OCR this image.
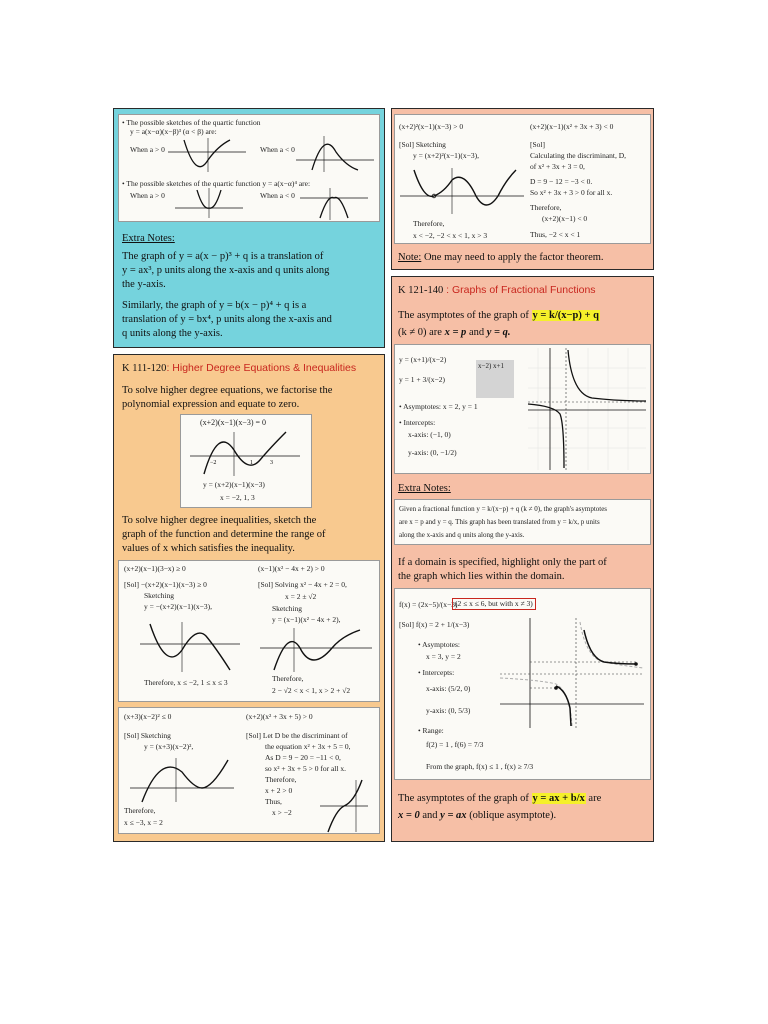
• The possible sketches of the quartic function
y = a(x−α)(x−β)³ (α < β) are:
When a > 0	When a < 0
• The possible sketches of the quartic function y = a(x−α)⁴ are:
When a > 0	When a < 0
Extra Notes:
The graph of y = a(x − p)³ + q is a translation of
y = ax³, p units along the x-axis and q units along
the y-axis.
Similarly, the graph of y = b(x − p)⁴ + q is a
translation of y = bx⁴, p units along the x-axis and
q units along the y-axis.
K 111-120: Higher Degree Equations & Inequalities
To solve higher degree equations, we factorise the
polynomial expression and equate to zero.
(x+2)(x−1)(x−3) = 0
−2	1	3
y = (x+2)(x−1)(x−3)
x = −2, 1, 3
To solve higher degree inequalities, sketch the
graph of the function and determine the range of
values of x which satisfies the inequality.
(x+2)(x−1)(3−x) ≥ 0
[Sol] −(x+2)(x−1)(x−3) ≥ 0
Sketching
y = −(x+2)(x−1)(x−3),
Therefore, x ≤ −2, 1 ≤ x ≤ 3
(x−1)(x² − 4x + 2) > 0
[Sol] Solving x² − 4x + 2 = 0,
x = 2 ± √2
Sketching
y = (x−1)(x² − 4x + 2),
Therefore,
2 − √2 < x < 1, x > 2 + √2
(x+3)(x−2)² ≤ 0
[Sol] Sketching
y = (x+3)(x−2)²,
Therefore,
x ≤ −3, x = 2
(x+2)(x² + 3x + 5) > 0
[Sol] Let D be the discriminant of
the equation x² + 3x + 5 = 0,
As D = 9 − 20 = −11 < 0,
so x² + 3x + 5 > 0 for all x.
Therefore,
x + 2 > 0
Thus,
x > −2
(x+2)²(x−1)(x−3) > 0
[Sol] Sketching
y = (x+2)²(x−1)(x−3),
Therefore,
x < −2, −2 < x < 1, x > 3
(x+2)(x−1)(x² + 3x + 3) < 0
[Sol]
Calculating the discriminant, D,
of x² + 3x + 3 = 0,
D = 9 − 12 = −3 < 0.
So x² + 3x + 3 > 0 for all x.
Therefore,
(x+2)(x−1) < 0
Thus, −2 < x < 1
Note: One may need to apply the factor theorem.
K 121-140 : Graphs of Fractional Functions
The asymptotes of the graph of y = k/(x−p) + q
(k ≠ 0) are x = p and y = q.
y = (x+1)/(x−2)
y = 1 + 3/(x−2)
x−2) x+1
• Asymptotes: x = 2, y = 1
• Intercepts:
x-axis: (−1, 0)
y-axis: (0, −1/2)
Extra Notes:
Given a fractional function y = k/(x−p) + q (k ≠ 0), the graph's asymptotes
are x = p and y = q. This graph has been translated from y = k/x, p units
along the x-axis and q units along the y-axis.
If a domain is specified, highlight only the part of
the graph which lies within the domain.
f(x) = (2x−5)/(x−3)
(2 ≤ x ≤ 6, but with x ≠ 3)
[Sol] f(x) = 2 + 1/(x−3)
• Asymptotes:
x = 3, y = 2
• Intercepts:
x-axis: (5/2, 0)
y-axis: (0, 5/3)
• Range:
f(2) = 1 , f(6) = 7/3
From the graph, f(x) ≤ 1 , f(x) ≥ 7/3
The asymptotes of the graph of y = ax + b/x are
x = 0 and y = ax (oblique asymptote).
